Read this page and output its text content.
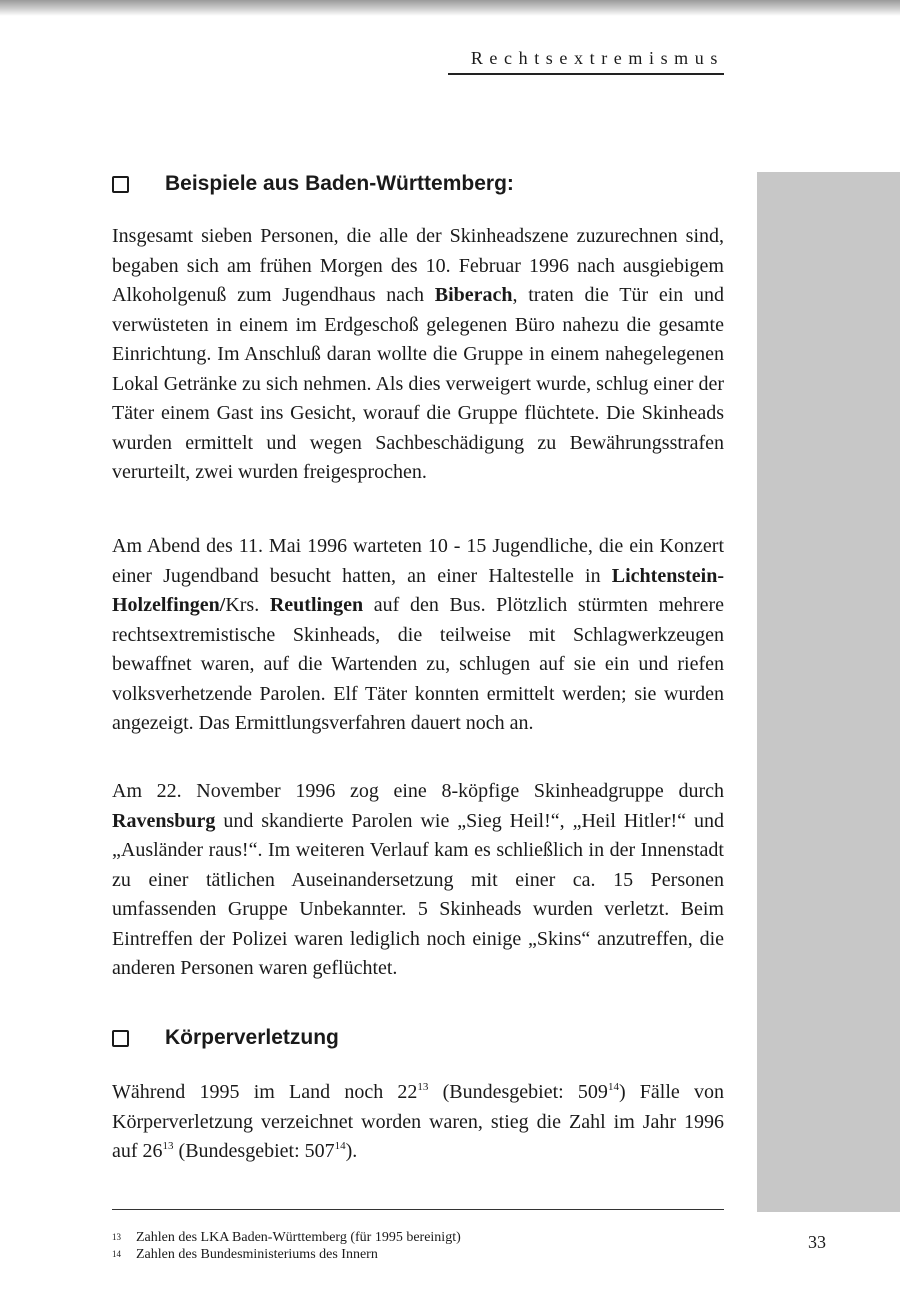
Rechtsextremismus
Beispiele aus Baden-Württemberg:

Insgesamt sieben Personen, die alle der Skinheadszene zuzurechnen sind, begaben sich am frühen Morgen des 10. Februar 1996 nach ausgiebigem Alkoholgenuß zum Jugendhaus nach Biberach, traten die Tür ein und verwüsteten in einem im Erdgeschoß gelegenen Büro nahezu die gesamte Einrichtung. Im Anschluß daran wollte die Gruppe in einem nahegelegenen Lokal Getränke zu sich nehmen. Als dies verweigert wurde, schlug einer der Täter einem Gast ins Gesicht, worauf die Gruppe flüchtete. Die Skinheads wurden ermittelt und wegen Sachbeschädigung zu Bewährungsstrafen verurteilt, zwei wurden freigesprochen.

Am Abend des 11. Mai 1996 warteten 10 - 15 Jugendliche, die ein Konzert einer Jugendband besucht hatten, an einer Haltestelle in Lichtenstein-Holzelfingen/Krs. Reutlingen auf den Bus. Plötzlich stürmten mehrere rechtsextremistische Skinheads, die teilweise mit Schlagwerkzeugen bewaffnet waren, auf die Wartenden zu, schlugen auf sie ein und riefen volksverhetzende Parolen. Elf Täter konnten ermittelt werden; sie wurden angezeigt. Das Ermittlungsverfahren dauert noch an.

Am 22. November 1996 zog eine 8-köpfige Skinheadgruppe durch Ravensburg und skandierte Parolen wie „Sieg Heil!“, „Heil Hitler!“ und „Ausländer raus!“. Im weiteren Verlauf kam es schließlich in der Innenstadt zu einer tätlichen Auseinandersetzung mit einer ca. 15 Personen umfassenden Gruppe Unbekannter. 5 Skinheads wurden verletzt. Beim Eintreffen der Polizei waren lediglich noch einige „Skins“ anzutreffen, die anderen Personen waren geflüchtet.

Körperverletzung

Während 1995 im Land noch $22^{13}$ (Bundesgebiet: $509^{14}$) Fälle von Körperverletzung verzeichnet worden waren, stieg die Zahl im Jahr 1996 auf $26^{13}$ (Bundesgebiet: $507^{14}$).

13	Zahlen des LKA Baden-Württemberg (für 1995 bereinigt)
14	Zahlen des Bundesministeriums des Innern
33
